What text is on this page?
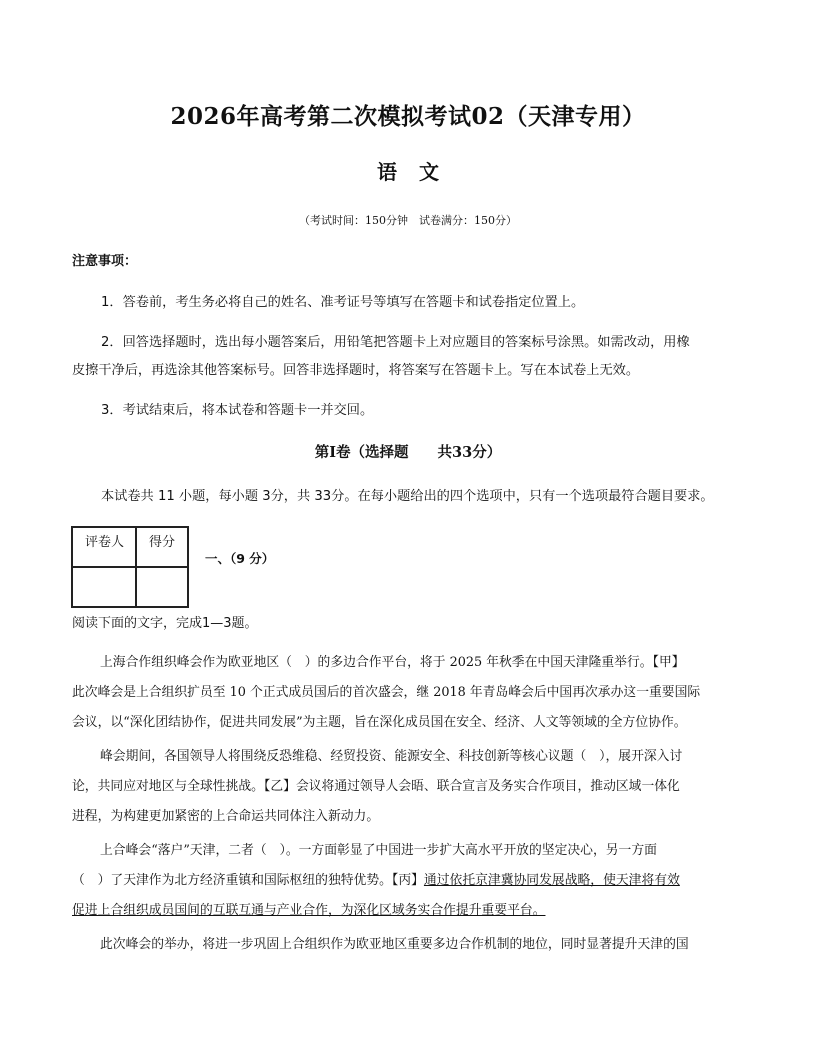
2026年高考第二次模拟考试02（天津专用）
语文
（考试时间：150分钟　试卷满分：150分）
注意事项：
1．答卷前，考生务必将自己的姓名、准考证号等填写在答题卡和试卷指定位置上。
2．回答选择题时，选出每小题答案后，用铅笔把答题卡上对应题目的答案标号涂黑。如需改动，用橡
皮擦干净后，再选涂其他答案标号。回答非选择题时，将答案写在答题卡上。写在本试卷上无效。
3．考试结束后，将本试卷和答题卡一并交回。
第Ⅰ卷（选择题　　共33分）
本试卷共 11 小题，每小题 3分，共 33分。在每小题给出的四个选项中，只有一个选项最符合题目要求。
评卷人	得分
一、（9 分）
阅读下面的文字，完成1—3题。
上海合作组织峰会作为欧亚地区（　）的多边合作平台，将于 2025 年秋季在中国天津隆重举行。【甲】
此次峰会是上合组织扩员至 10 个正式成员国后的首次盛会，继 2018 年青岛峰会后中国再次承办这一重要国际
会议，以“深化团结协作，促进共同发展”为主题，旨在深化成员国在安全、经济、人文等领域的全方位协作。
峰会期间，各国领导人将围绕反恐维稳、经贸投资、能源安全、科技创新等核心议题（　），展开深入讨
论，共同应对地区与全球性挑战。【乙】会议将通过领导人会晤、联合宣言及务实合作项目，推动区域一体化
进程，为构建更加紧密的上合命运共同体注入新动力。
上合峰会“落户”天津，二者（　）。一方面彰显了中国进一步扩大高水平开放的坚定决心，另一方面
（　）了天津作为北方经济重镇和国际枢纽的独特优势。【丙】通过依托京津冀协同发展战略，使天津将有效
促进上合组织成员国间的互联互通与产业合作，为深化区域务实合作提升重要平台。
此次峰会的举办，将进一步巩固上合组织作为欧亚地区重要多边合作机制的地位，同时显著提升天津的国
